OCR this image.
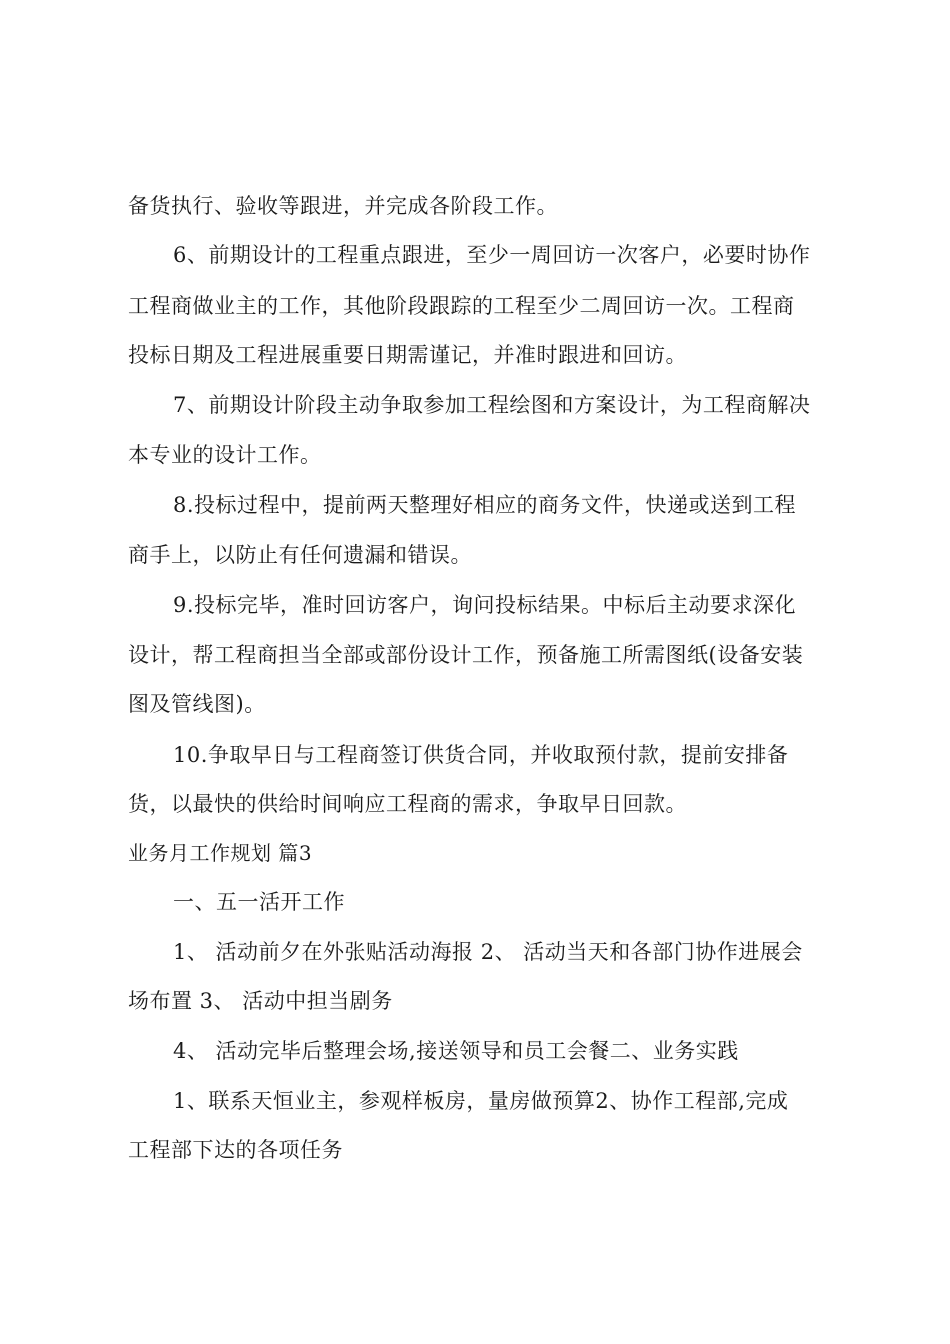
备货执行、验收等跟进，并完成各阶段工作。
6、前期设计的工程重点跟进，至少一周回访一次客户，必要时协作
工程商做业主的工作，其他阶段跟踪的工程至少二周回访一次。工程商
投标日期及工程进展重要日期需谨记，并准时跟进和回访。
7、前期设计阶段主动争取参加工程绘图和方案设计，为工程商解决
本专业的设计工作。
8.投标过程中，提前两天整理好相应的商务文件，快递或送到工程
商手上，以防止有任何遗漏和错误。
9.投标完毕，准时回访客户，询问投标结果。中标后主动要求深化
设计，帮工程商担当全部或部份设计工作，预备施工所需图纸(设备安装
图及管线图)。
10.争取早日与工程商签订供货合同，并收取预付款，提前安排备
货，以最快的供给时间响应工程商的需求，争取早日回款。
业务月工作规划 篇3
一、五一活开工作
1、 活动前夕在外张贴活动海报 2、 活动当天和各部门协作进展会
场布置 3、 活动中担当剧务
4、 活动完毕后整理会场,接送领导和员工会餐二、业务实践
1、联系天恒业主，参观样板房，量房做预算2、协作工程部,完成
工程部下达的各项任务
